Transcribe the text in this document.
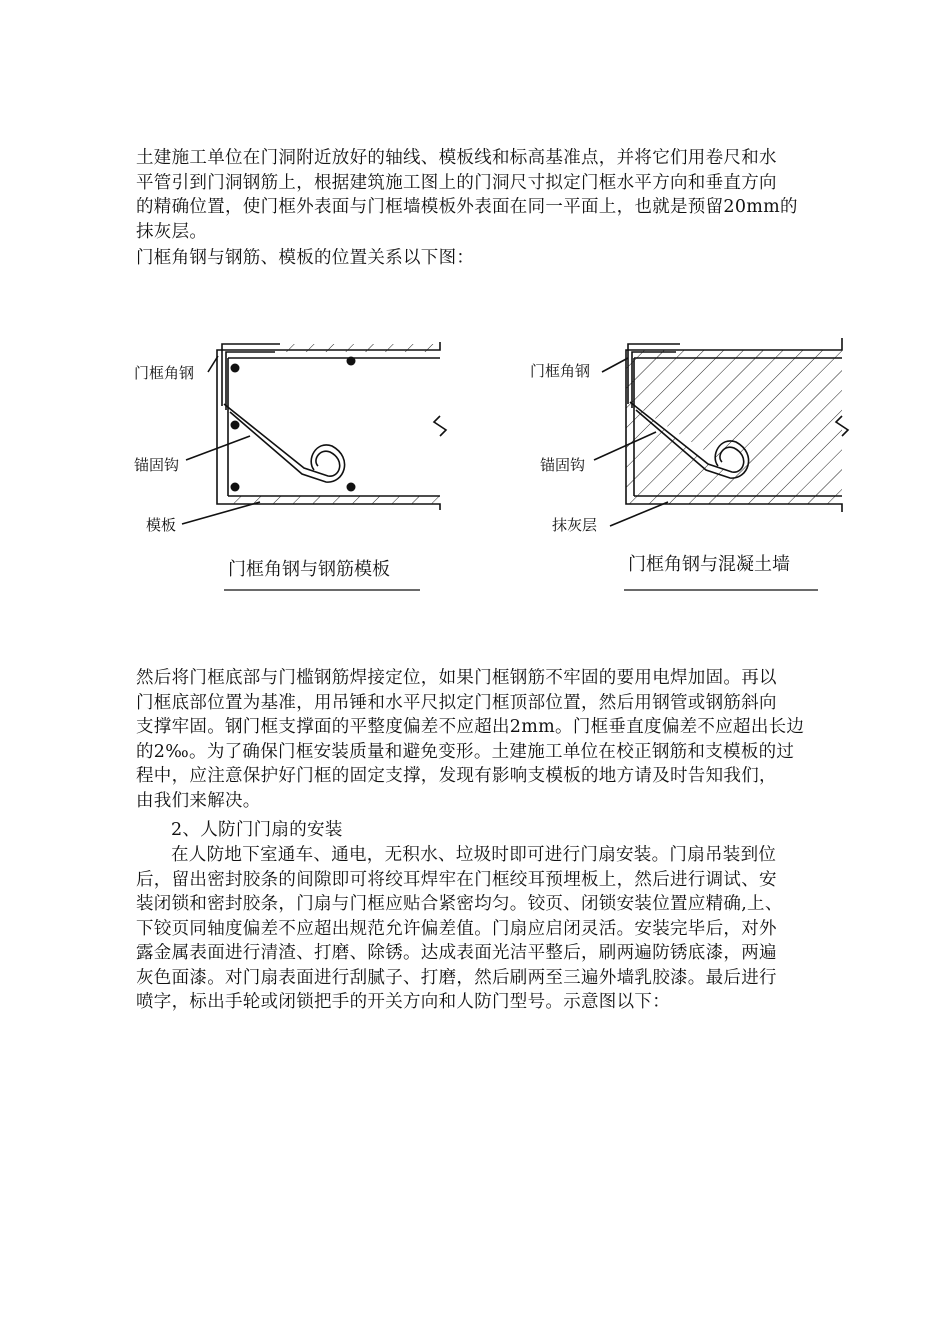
土建施工单位在门洞附近放好的轴线、模板线和标高基准点，并将它们用卷尺和水
平管引到门洞钢筋上，根据建筑施工图上的门洞尺寸拟定门框水平方向和垂直方向
的精确位置，使门框外表面与门框墙模板外表面在同一平面上，也就是预留20mm的
抹灰层。
门框角钢与钢筋、模板的位置关系以下图：
门框角钢
锚固钩
模板
门框角钢与钢筋模板
门框角钢
锚固钩
抹灰层
门框角钢与混凝土墙
然后将门框底部与门槛钢筋焊接定位，如果门框钢筋不牢固的要用电焊加固。再以
门框底部位置为基准，用吊锤和水平尺拟定门框顶部位置，然后用钢管或钢筋斜向
支撑牢固。钢门框支撑面的平整度偏差不应超出2mm。门框垂直度偏差不应超出长边
的2‰。为了确保门框安装质量和避免变形。土建施工单位在校正钢筋和支模板的过
程中，应注意保护好门框的固定支撑，发现有影响支模板的地方请及时告知我们，
由我们来解决。
2、人防门门扇的安装
在人防地下室通车、通电，无积水、垃圾时即可进行门扇安装。门扇吊装到位
后，留出密封胶条的间隙即可将绞耳焊牢在门框绞耳预埋板上，然后进行调试、安
装闭锁和密封胶条，门扇与门框应贴合紧密均匀。铰页、闭锁安装位置应精确,上、
下铰页同轴度偏差不应超出规范允许偏差值。门扇应启闭灵活。安装完毕后，对外
露金属表面进行清渣、打磨、除锈。达成表面光洁平整后，刷两遍防锈底漆，两遍
灰色面漆。对门扇表面进行刮腻子、打磨，然后刷两至三遍外墙乳胶漆。最后进行
喷字，标出手轮或闭锁把手的开关方向和人防门型号。示意图以下：
